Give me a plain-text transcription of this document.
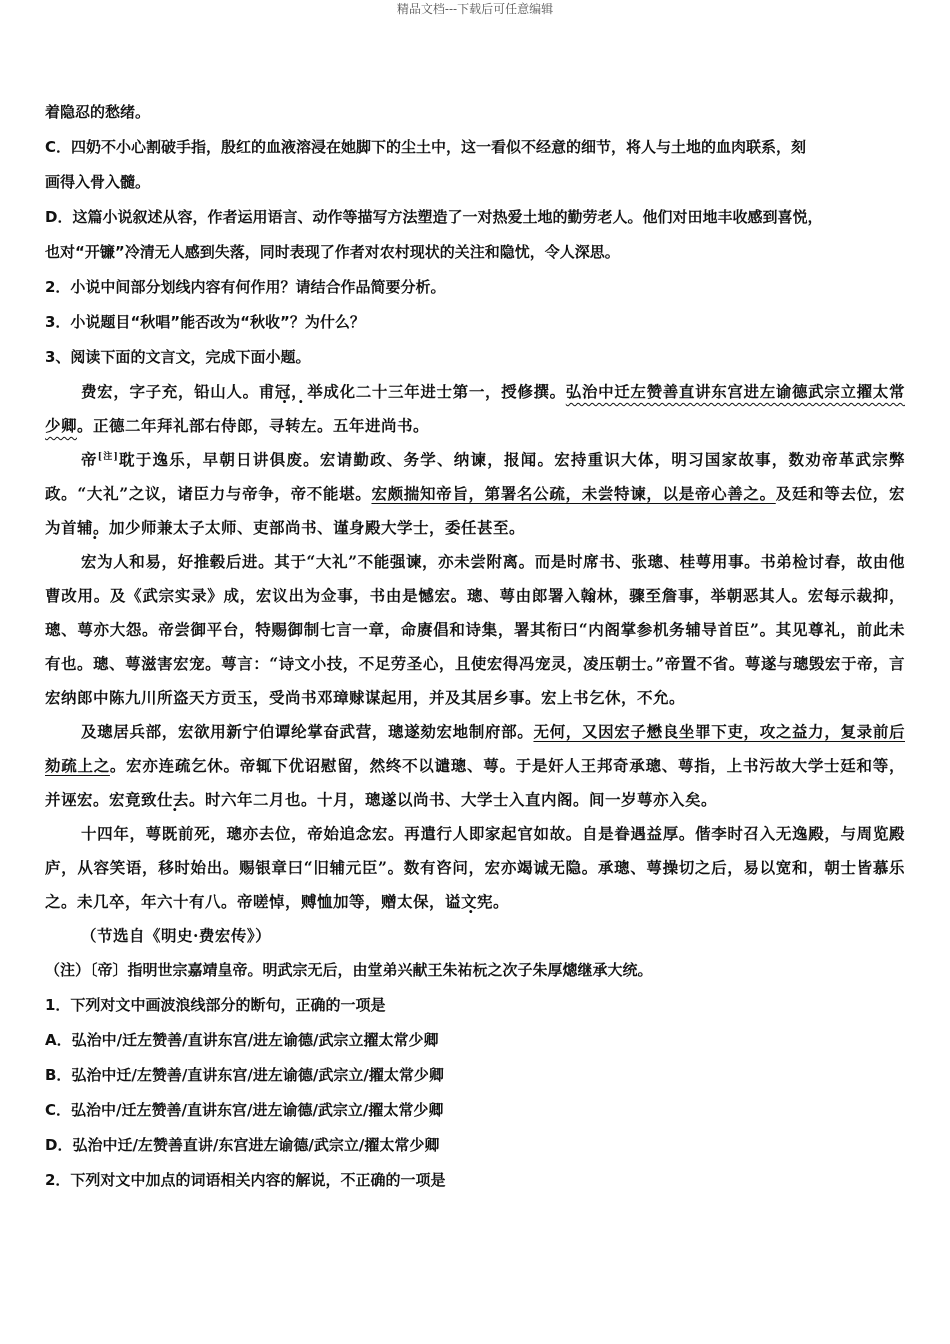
精品文档---下载后可任意编辑
着隐忍的愁绪。
C．四奶不小心割破手指，殷红的血液溶浸在她脚下的尘土中，这一看似不经意的细节，将人与土地的血肉联系，刻
画得入骨入髓。
D．这篇小说叙述从容，作者运用语言、动作等描写方法塑造了一对热爱土地的勤劳老人。他们对田地丰收感到喜悦，
也对“开镰”冷清无人感到失落，同时表现了作者对农村现状的关注和隐忧，令人深思。
2．小说中间部分划线内容有何作用？请结合作品简要分析。
3．小说题目“秋唱”能否改为“秋收”？为什么？
3、阅读下面的文言文，完成下面小题。

费宏，字子充，铅山人。甫冠，举成化二十三年进士第一，授修撰。弘治中迁左赞善直讲东宫进左谕德武宗立擢太常少卿。正德二年拜礼部右侍郎，寻转左。五年进尚书。

帝[注]耽于逸乐，早朝日讲俱废。宏请勤政、务学、纳谏，报闻。宏持重识大体，明习国家故事，数劝帝革武宗弊政。“大礼”之议，诸臣力与帝争，帝不能堪。宏颇揣知帝旨，第署名公疏，未尝特谏，以是帝心善之。及廷和等去位，宏为首辅。加少师兼太子太师、吏部尚书、谨身殿大学士，委任甚至。

宏为人和易，好推毂后进。其于“大礼”不能强谏，亦未尝附离。而是时席书、张璁、桂萼用事。书弟检讨春，故由他曹改用。及《武宗实录》成，宏议出为佥事，书由是憾宏。璁、萼由郎署入翰林，骤至詹事，举朝恶其人。宏每示裁抑，璁、萼亦大怨。帝尝御平台，特赐御制七言一章，命赓倡和诗集，署其衔曰“内阁掌参机务辅导首臣”。其见尊礼，前此未有也。璁、萼滋害宏宠。萼言：“诗文小技，不足劳圣心，且使宏得冯宠灵，凌压朝士。”帝置不省。萼遂与璁毁宏于帝，言宏纳郎中陈九川所盗天方贡玉，受尚书邓璋赇谋起用，并及其居乡事。宏上书乞休，不允。

及璁居兵部，宏欲用新宁伯谭纶掌奋武营，璁遂劾宏地制府部。无何，又因宏子懋良坐罪下吏，攻之益力，复录前后劾疏上之。宏亦连疏乞休。帝辄下优诏慰留，然终不以谴璁、萼。于是奸人王邦奇承璁、萼指，上书污故大学士廷和等，并诬宏。宏竟致仕去。时六年二月也。十月，璁遂以尚书、大学士入直内阁。间一岁萼亦入矣。

十四年，萼既前死，璁亦去位，帝始追念宏。再遣行人即家起官如故。自是眷遇益厚。偕李时召入无逸殿，与周览殿庐，从容笑语，移时始出。赐银章曰“旧辅元臣”。数有咨问，宏亦竭诚无隐。承璁、萼操切之后，易以宽和，朝士皆慕乐之。未几卒，年六十有八。帝嗟悼，赙恤加等，赠太保，谥文宪。

（节选自《明史·费宏传》）

（注）〔帝〕指明世宗嘉靖皇帝。明武宗无后，由堂弟兴献王朱祐杬之次子朱厚熜继承大统。
1．下列对文中画波浪线部分的断句，正确的一项是
A．弘治中/迁左赞善/直讲东宫/进左谕德/武宗立擢太常少卿
B．弘治中迁/左赞善/直讲东宫/进左谕德/武宗立/擢太常少卿
C．弘治中/迁左赞善/直讲东宫/进左谕德/武宗立/擢太常少卿
D．弘治中迁/左赞善直讲/东宫进左谕德/武宗立/擢太常少卿
2．下列对文中加点的词语相关内容的解说，不正确的一项是
